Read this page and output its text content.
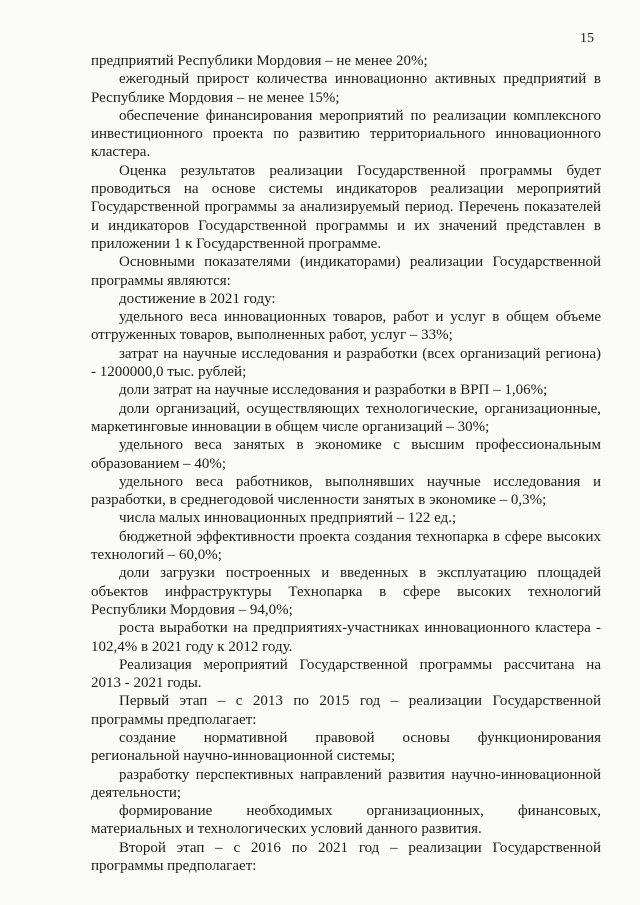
15
предприятий Республики Мордовия – не менее 20%;
ежегодный прирост количества инновационно активных предприятий в
Республике Мордовия – не менее 15%;
обеспечение финансирования мероприятий по реализации комплексного
инвестиционного проекта по развитию территориального инновационного
кластера.
Оценка результатов реализации Государственной программы будет
проводиться на основе системы индикаторов реализации мероприятий
Государственной программы за анализируемый период. Перечень показателей
и индикаторов Государственной программы и их значений представлен в
приложении 1 к Государственной программе.
Основными показателями (индикаторами) реализации Государственной
программы являются:
достижение в 2021 году:
удельного веса инновационных товаров, работ и услуг в общем объеме
отгруженных товаров, выполненных работ, услуг – 33%;
затрат на научные исследования и разработки (всех организаций региона)
- 1200000,0 тыс. рублей;
доли затрат на научные исследования и разработки в ВРП – 1,06%;
доли организаций, осуществляющих технологические, организационные,
маркетинговые инновации в общем числе организаций – 30%;
удельного веса занятых в экономике с высшим профессиональным
образованием – 40%;
удельного веса работников, выполнявших научные исследования и
разработки, в среднегодовой численности занятых в экономике – 0,3%;
числа малых инновационных предприятий – 122 ед.;
бюджетной эффективности проекта создания технопарка в сфере высоких
технологий – 60,0%;
доли загрузки построенных и введенных в эксплуатацию площадей
объектов инфраструктуры Технопарка в сфере высоких технологий
Республики Мордовия – 94,0%;
роста выработки на предприятиях-участниках инновационного кластера -
102,4% в 2021 году к 2012 году.
Реализация мероприятий Государственной программы рассчитана на
2013 - 2021 годы.
Первый этап – с 2013 по 2015 год – реализации Государственной
программы предполагает:
создание нормативной правовой основы функционирования
региональной научно-инновационной системы;
разработку перспективных направлений развития научно-инновационной
деятельности;
формирование необходимых организационных, финансовых,
материальных и технологических условий данного развития.
Второй этап – с 2016 по 2021 год – реализации Государственной
программы предполагает:
